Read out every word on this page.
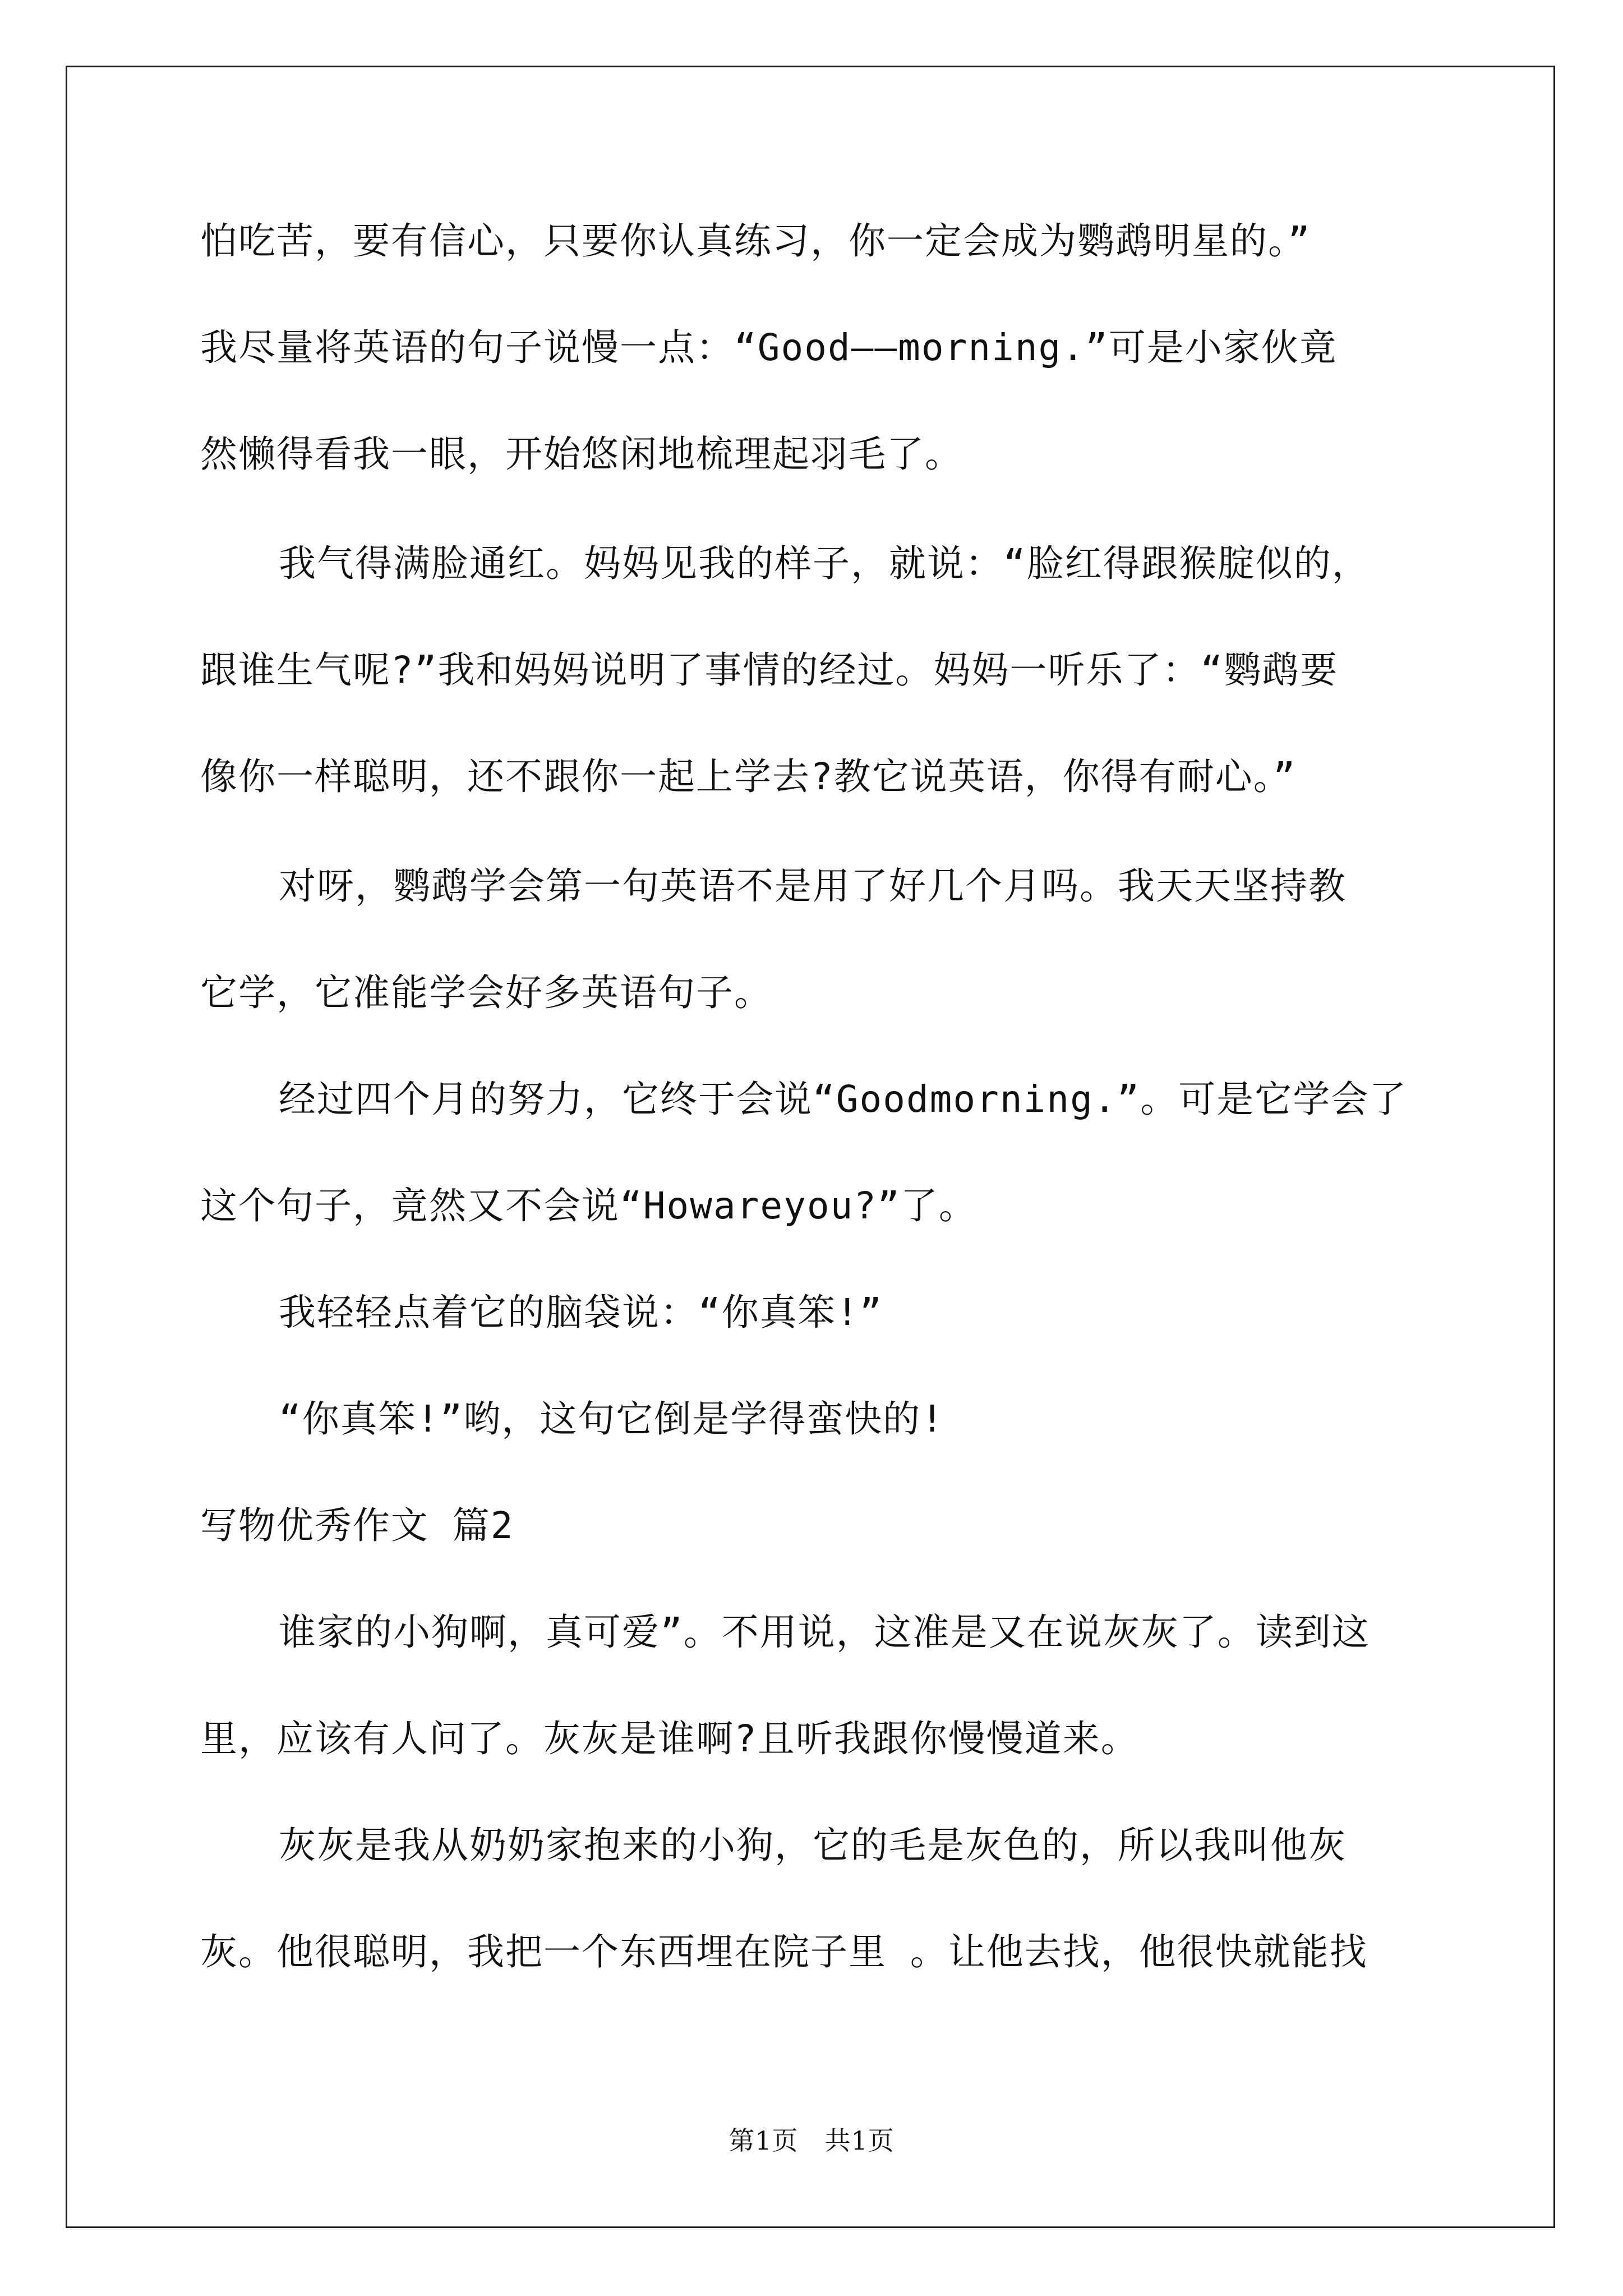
怕吃苦，要有信心，只要你认真练习，你一定会成为鹦鹉明星的。”
我尽量将英语的句子说慢一点：“Good——morning.”可是小家伙竟
然懒得看我一眼，开始悠闲地梳理起羽毛了。
我气得满脸通红。妈妈见我的样子，就说：“脸红得跟猴腚似的，
跟谁生气呢?”我和妈妈说明了事情的经过。妈妈一听乐了：“鹦鹉要
像你一样聪明，还不跟你一起上学去?教它说英语，你得有耐心。”
对呀，鹦鹉学会第一句英语不是用了好几个月吗。我天天坚持教
它学，它准能学会好多英语句子。
经过四个月的努力，它终于会说“Goodmorning.”。可是它学会了
这个句子，竟然又不会说“Howareyou?”了。
我轻轻点着它的脑袋说：“你真笨!”
“你真笨!”哟，这句它倒是学得蛮快的!
写物优秀作文 篇2
谁家的小狗啊，真可爱”。不用说，这准是又在说灰灰了。读到这
里，应该有人问了。灰灰是谁啊?且听我跟你慢慢道来。
灰灰是我从奶奶家抱来的小狗，它的毛是灰色的，所以我叫他灰
灰。他很聪明，我把一个东西埋在院子里 。让他去找，他很快就能找
第1页 共1页
